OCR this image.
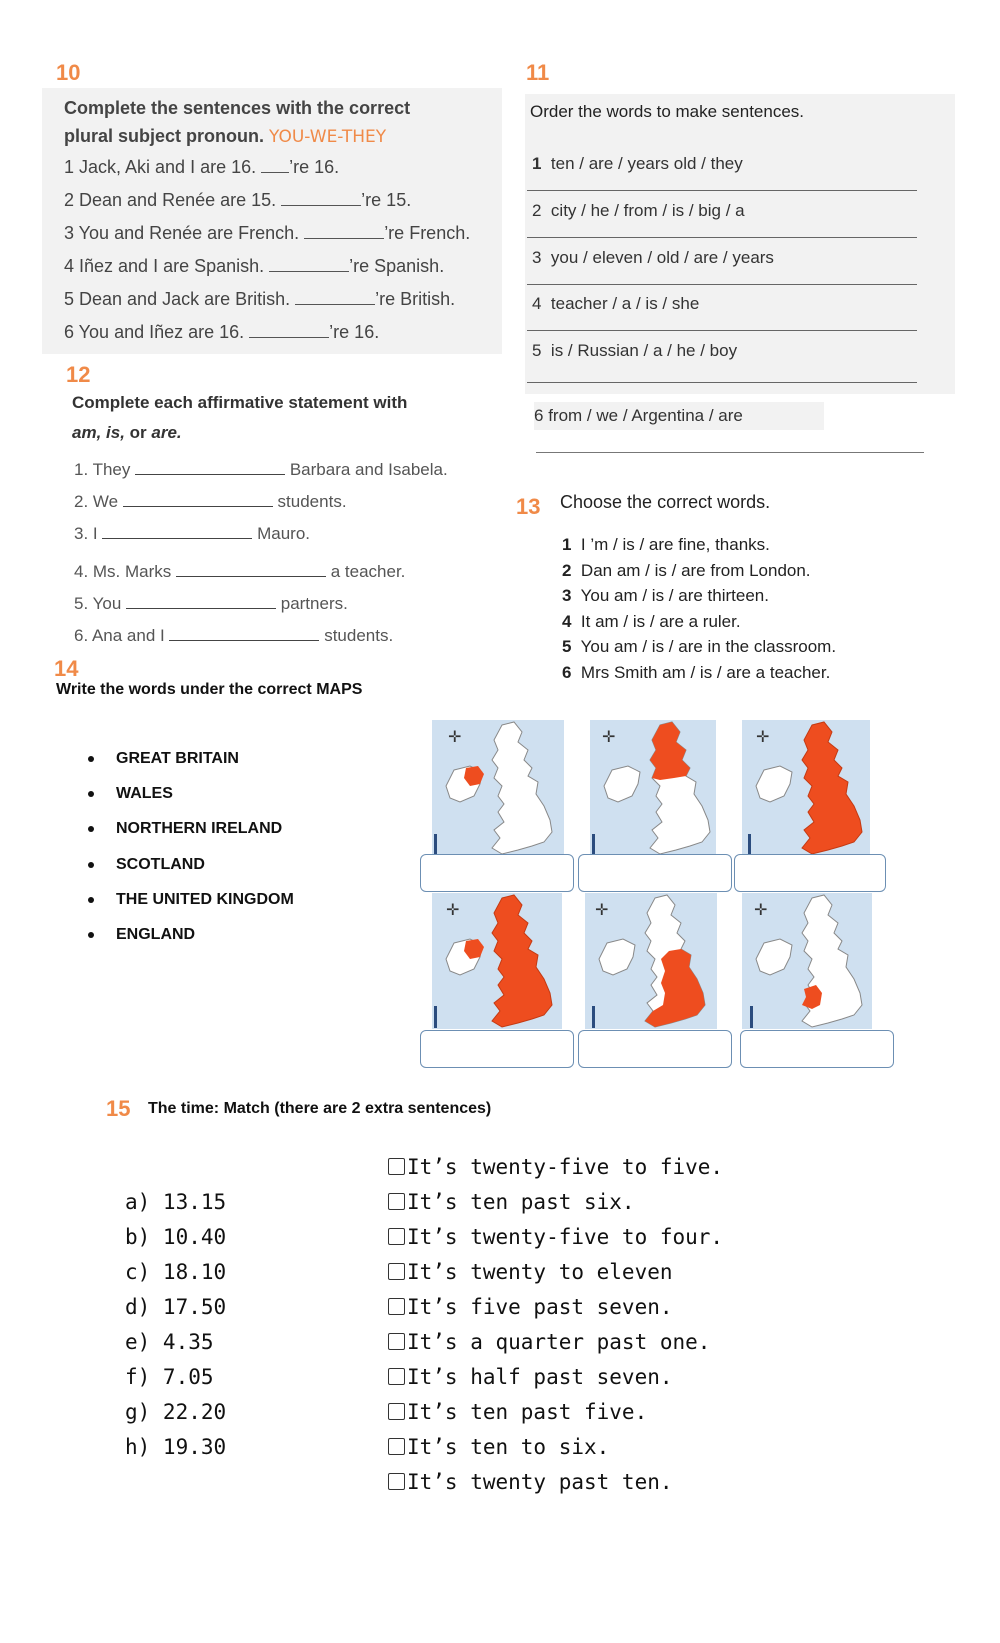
10
Complete the sentences with the correct
plural subject pronoun. YOU-WE-THEY
1 Jack, Aki and I are 16. ’re 16.
2 Dean and Renée are 15.	’re 15.
3 You and Renée are French.	’re French.
4 Iñez and I are Spanish.	’re Spanish.
5 Dean and Jack are British.	’re British.
6 You and Iñez are 16.	’re 16.
11
Order the words to make sentences.
1 ten / are / years old / they
2 city / he / from / is / big / a
3 you / eleven / old / are / years
4 teacher / a / is / she
5 is / Russian / a / he / boy
6 from / we / Argentina / are
12
Complete each affirmative statement with
am, is, or are.
1. They	Barbara and Isabela.
2. We	students.
3. I	Mauro.
4. Ms. Marks	a teacher.
5. You	partners.
6. Ana and I	students.
13 Choose the correct words.
1 I ’m / is / are fine, thanks.
2 Dan am / is / are from London.
3 You am / is / are thirteen.
4 It am / is / are a ruler.
5 You am / is / are in the classroom.
6 Mrs Smith am / is / are a teacher.
14
Write the words under the correct MAPS
GREAT BRITAIN
WALES
NORTHERN IRELAND
SCOTLAND
THE UNITED KINGDOM
ENGLAND
✛	✛	✛
✛	✛	✛
15 The time: Match (there are 2 extra sentences)
a) 13.15
b) 10.40
c) 18.10
d) 17.50
e) 4.35
f) 7.05
g) 22.20
h) 19.30
It’s twenty-five to five.
It’s ten past six.
It’s twenty-five to four.
It’s twenty to eleven
It’s five past seven.
It’s a quarter past one.
It’s half past seven.
It’s ten past five.
It’s ten to six.
It’s twenty past ten.
